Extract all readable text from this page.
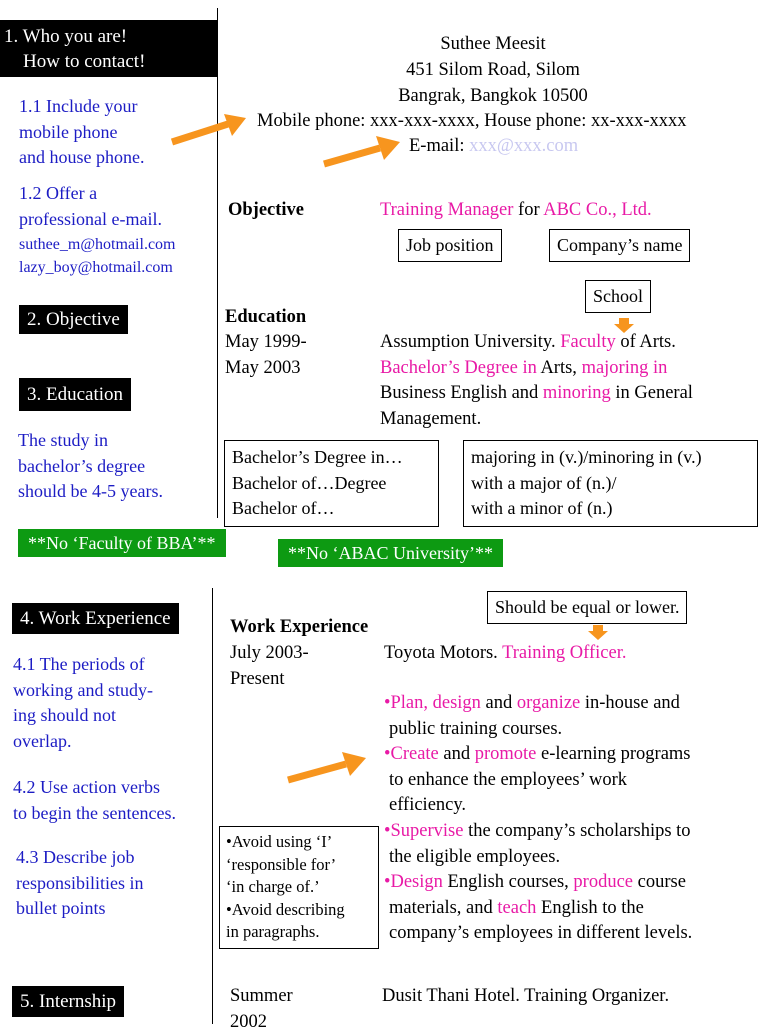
1. Who you are!
How to contact!
1.1 Include your
mobile phone
and house phone.
1.2 Offer a
professional e-mail.
suthee_m@hotmail.com
lazy_boy@hotmail.com
2. Objective
3. Education
The study in
bachelor’s degree
should be 4-5 years.
**No ‘Faculty of BBA’**	**No ‘ABAC University’**
4. Work Experience
4.1 The periods of
working and study-
ing should not
overlap.
4.2 Use action verbs
to begin the sentences.
4.3 Describe job
responsibilities in
bullet points
5. Internship
Suthee Meesit
451 Silom Road, Silom
Bangrak, Bangkok 10500
Mobile phone: xxx-xxx-xxxx, House phone: xx-xxx-xxxx
E-mail: xxx@xxx.com
Objective	Training Manager for ABC Co., Ltd.
Job position	Company’s name
School
Education
May 1999-
May 2003
Assumption University. Faculty of Arts.
Bachelor’s Degree in Arts, majoring in
Business English and minoring in General
Management.
Bachelor’s Degree in…
Bachelor of…Degree
Bachelor of…
majoring in (v.)/minoring in (v.)
with a major of (n.)/
with a minor of (n.)
Should be equal or lower.
Work Experience
July 2003-
Present
Toyota Motors. Training Officer.
•Plan, design and organize in-house and
public training courses.
•Create and promote e-learning programs
to enhance the employees’ work
efficiency.
•Supervise the company’s scholarships to
the eligible employees.
•Design English courses, produce course
materials, and teach English to the
company’s employees in different levels.
•Avoid using ‘I’
‘responsible for’
‘in charge of.’
•Avoid describing
in paragraphs.
Summer
2002
Dusit Thani Hotel. Training Organizer.
